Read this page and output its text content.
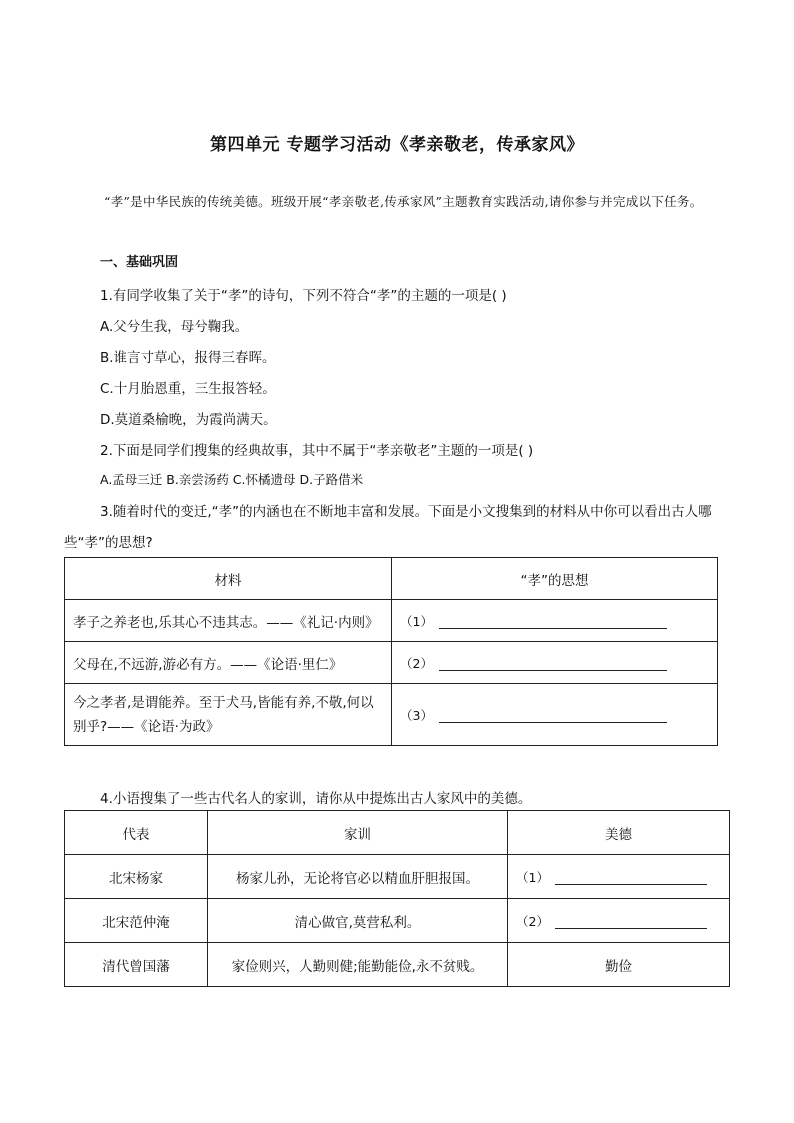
第四单元 专题学习活动《孝亲敬老，传承家风》
“孝”是中华民族的传统美德。班级开展“孝亲敬老,传承家风”主题教育实践活动,请你参与并完成以下任务。
一、基础巩固
1.有同学收集了关于“孝”的诗句，下列不符合“孝”的主题的一项是( )
A.父兮生我，母兮鞠我。
B.谁言寸草心，报得三春晖。
C.十月胎恩重，三生报答轻。
D.莫道桑榆晚，为霞尚满天。
2.下面是同学们搜集的经典故事，其中不属于“孝亲敬老”主题的一项是( )
A.孟母三迁 B.亲尝汤药 C.怀橘遗母 D.子路借米
3.随着时代的变迁,“孝”的内涵也在不断地丰富和发展。下面是小文搜集到的材料从中你可以看出古人哪些“孝”的思想?
材料	“孝”的思想
孝子之养老也,乐其心不违其志。——《礼记·内则》	（1）
父母在,不远游,游必有方。——《论语·里仁》	（2）
今之孝者,是谓能养。至于犬马,皆能有养,不敬,何以别乎?——《论语·为政》	（3）
4.小语搜集了一些古代名人的家训，请你从中提炼出古人家风中的美德。
代表	家训	美德
北宋杨家	杨家儿孙，无论将官必以精血肝胆报国。	（1）
北宋范仲淹	清心做官,莫营私利。	（2）
清代曾国藩	家俭则兴，人勤则健;能勤能俭,永不贫贱。	勤俭
